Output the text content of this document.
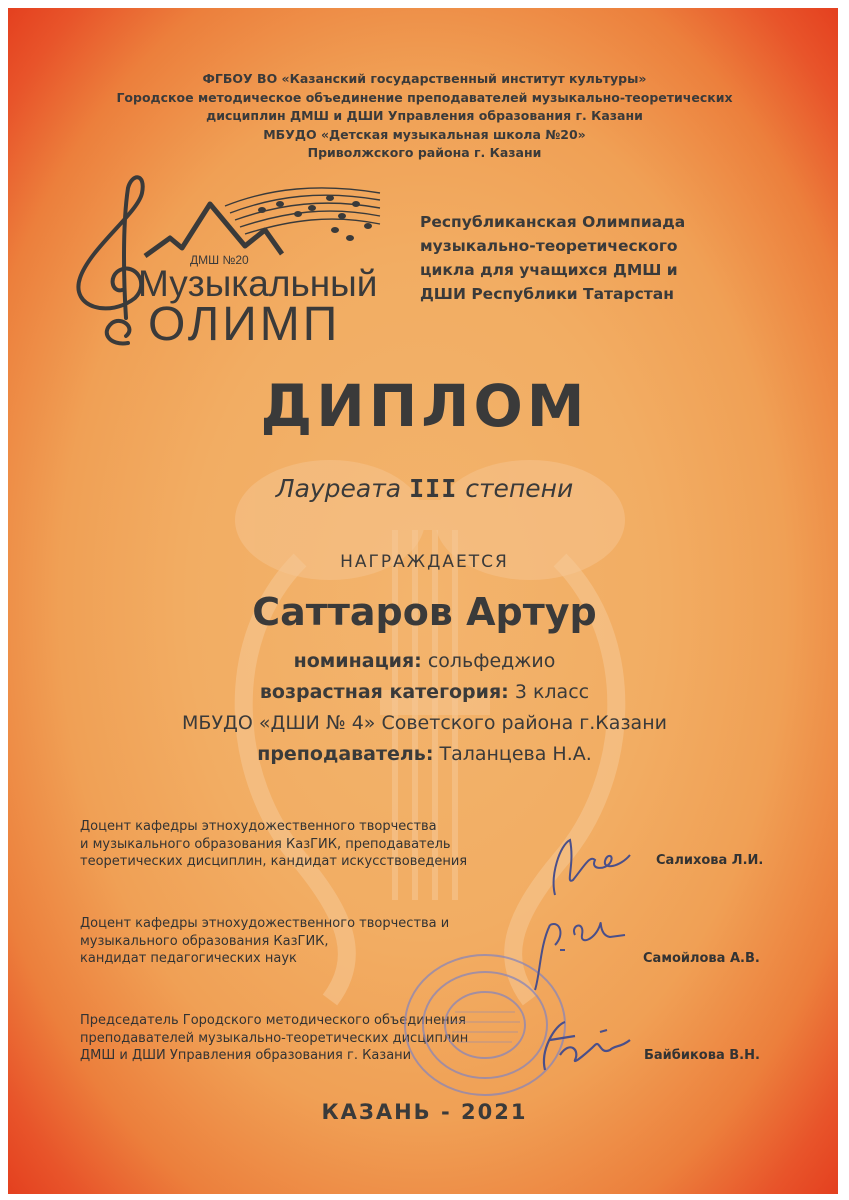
ФГБОУ ВО «Казанский государственный институт культуры»
Городское методическое объединение преподавателей музыкально-теоретических
дисциплин ДМШ и ДШИ Управления образования г. Казани
МБУДО «Детская музыкальная школа №20»
Приволжского района г. Казани
ДМШ №20
Музыкальный
ОЛИМП
Республиканская Олимпиада
музыкально-теоретического
цикла для учащихся ДМШ и
ДШИ Республики Татарстан
ДИПЛОМ
Лауреата III степени
НАГРАЖДАЕТСЯ
Саттаров Артур
номинация: сольфеджио
возрастная категория: 3 класс
МБУДО «ДШИ № 4» Советского района г.Казани
преподаватель: Таланцева Н.А.
Доцент кафедры этнохудожественного творчества
и музыкального образования КазГИК, преподаватель
теоретических дисциплин, кандидат искусствоведения	Салихова Л.И.
Доцент кафедры этнохудожественного творчества и
музыкального образования КазГИК,
кандидат педагогических наук	Самойлова А.В.
Председатель Городского методического объединения
преподавателей музыкально-теоретических дисциплин
ДМШ и ДШИ Управления образования г. Казани	Байбикова В.Н.
КАЗАНЬ - 2021
